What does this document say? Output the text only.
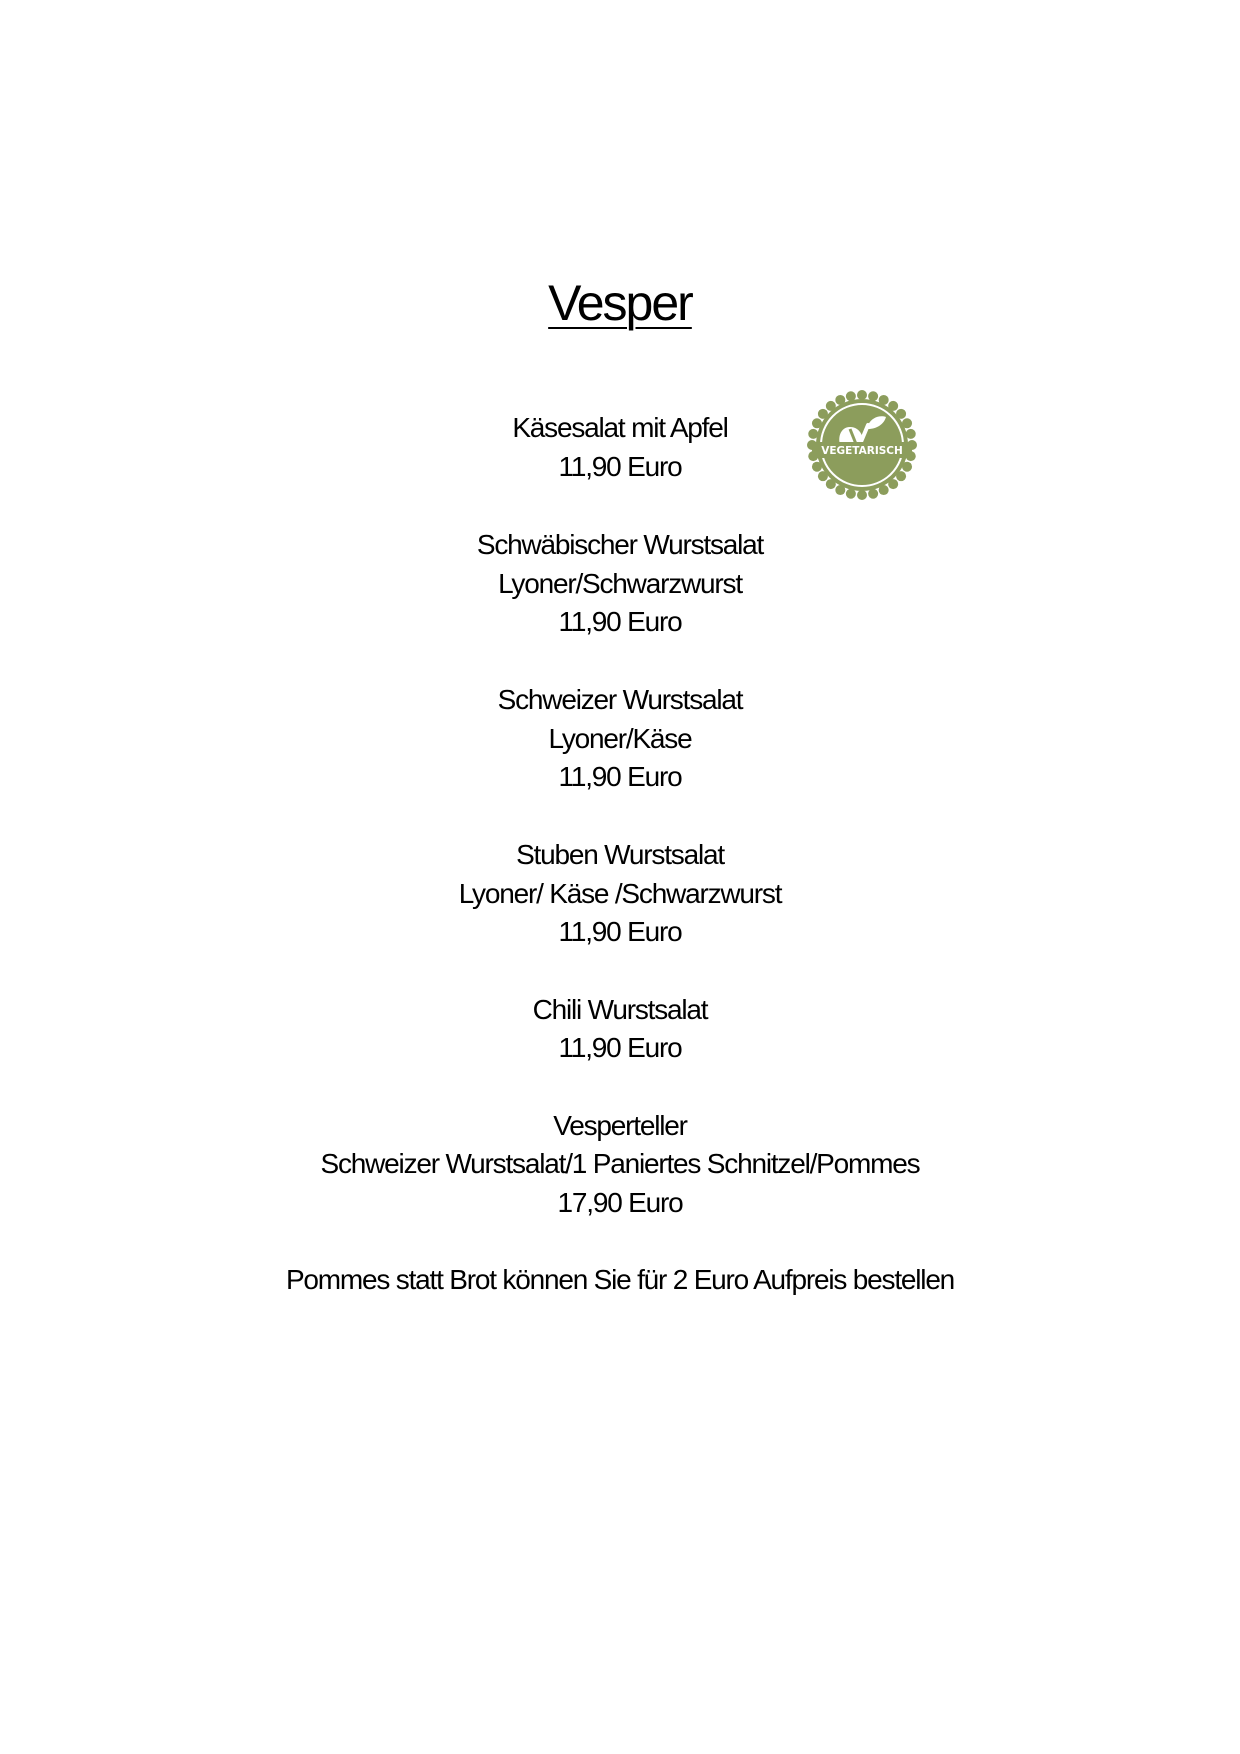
Vesper
Käsesalat mit Apfel
11,90 Euro	VEGETARISCH
Schwäbischer Wurstsalat
Lyoner/Schwarzwurst
11,90 Euro
Schweizer Wurstsalat
Lyoner/Käse
11,90 Euro
Stuben Wurstsalat
Lyoner/ Käse /Schwarzwurst
11,90 Euro
Chili Wurstsalat
11,90 Euro
Vesperteller
Schweizer Wurstsalat/1 Paniertes Schnitzel/Pommes
17,90 Euro
Pommes statt Brot können Sie für 2 Euro Aufpreis bestellen
